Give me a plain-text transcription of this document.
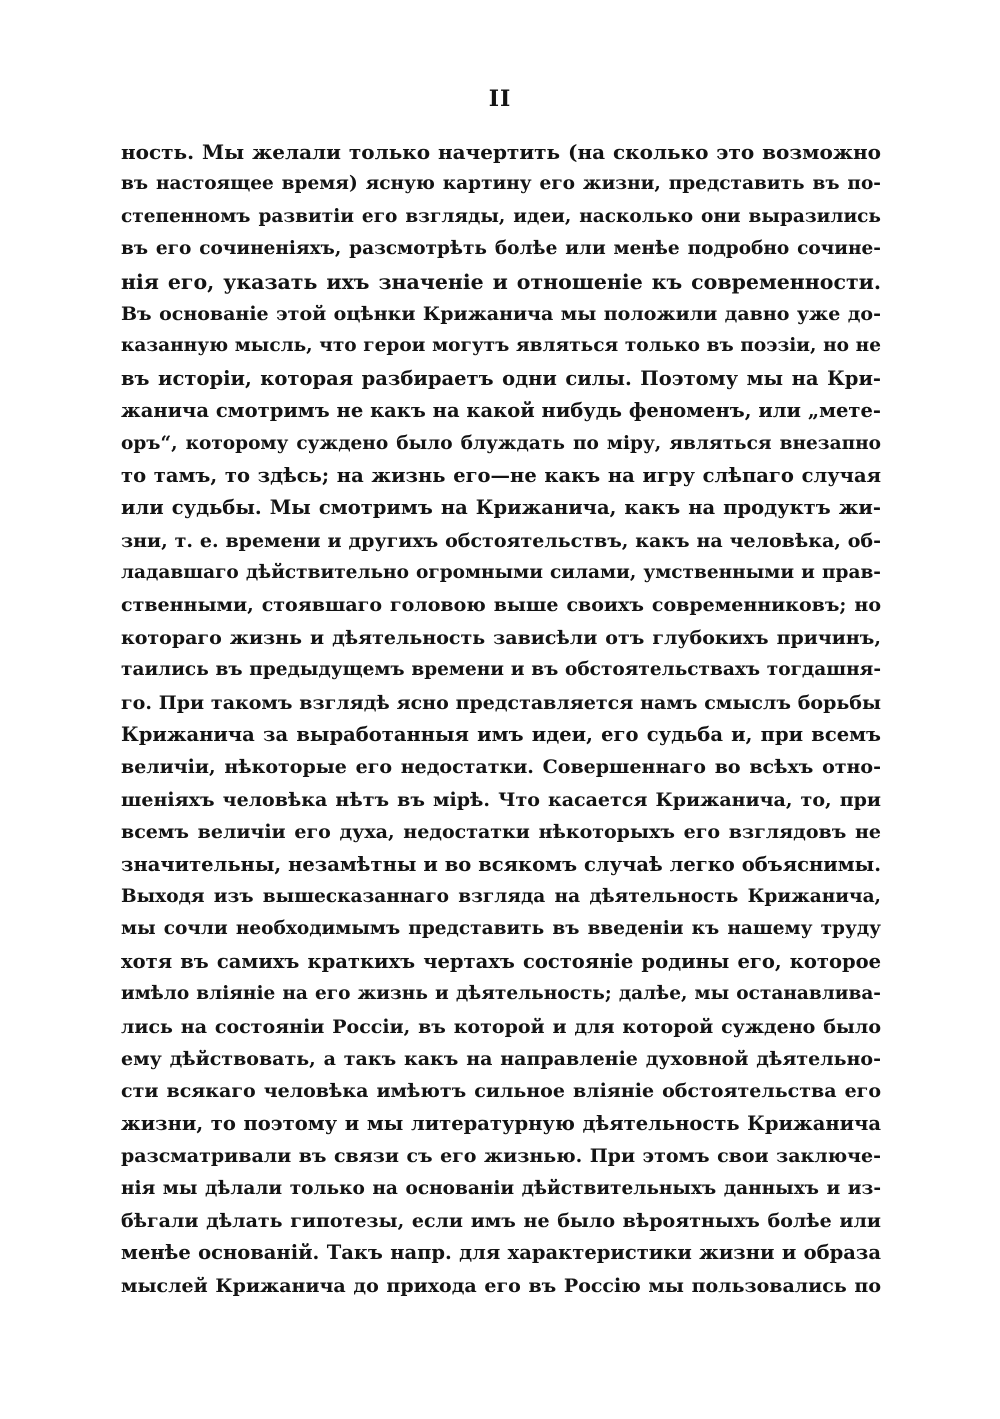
II
ность. Мы желали только начертить (на сколько это возможно
въ настоящее время) ясную картину его жизни, представить въ по-
степенномъ развитіи его взгляды, идеи, насколько они выразились
въ его сочиненіяхъ, разсмотрѣть болѣе или менѣе подробно сочине-
нія его, указать ихъ значеніе и отношеніе къ современности.
Въ основаніе этой оцѣнки Крижанича мы положили давно уже до-
казанную мысль, что герои могутъ являться только въ поэзіи, но не
въ исторіи, которая разбираетъ одни силы. Поэтому мы на Кри-
жанича смотримъ не какъ на какой нибудь феноменъ, или „мете-
оръ“, которому суждено было блуждать по міру, являться внезапно
то тамъ, то здѣсь; на жизнь его—не какъ на игру слѣпаго случая
или судьбы. Мы смотримъ на Крижанича, какъ на продуктъ жи-
зни, т. е. времени и другихъ обстоятельствъ, какъ на человѣка, об-
ладавшаго дѣйствительно огромными силами, умственными и прав-
ственными, стоявшаго головою выше своихъ современниковъ; но
котораго жизнь и дѣятельность зависѣли отъ глубокихъ причинъ,
таились въ предыдущемъ времени и въ обстоятельствахъ тогдашня-
го. При такомъ взглядѣ ясно представляется намъ смыслъ борьбы
Крижанича за выработанныя имъ идеи, его судьба и, при всемъ
величіи, нѣкоторые его недостатки. Совершеннаго во всѣхъ отно-
шеніяхъ человѣка нѣтъ въ мірѣ. Что касается Крижанича, то, при
всемъ величіи его духа, недостатки нѣкоторыхъ его взглядовъ не
значительны, незамѣтны и во всякомъ случаѣ легко объяснимы.
Выходя изъ вышесказаннаго взгляда на дѣятельность Крижанича,
мы сочли необходимымъ представить въ введеніи къ нашему труду
хотя въ самихъ краткихъ чертахъ состояніе родины его, которое
имѣло вліяніе на его жизнь и дѣятельность; далѣе, мы останавлива-
лись на состояніи Россіи, въ которой и для которой суждено было
ему дѣйствовать, а такъ какъ на направленіе духовной дѣятельно-
сти всякаго человѣка имѣютъ сильное вліяніе обстоятельства его
жизни, то поэтому и мы литературную дѣятельность Крижанича
разсматривали въ связи съ его жизнью. При этомъ свои заключе-
нія мы дѣлали только на основаніи дѣйствительныхъ данныхъ и из-
бѣгали дѣлать гипотезы, если имъ не было вѣроятныхъ болѣе или
менѣе основаній. Такъ напр. для характеристики жизни и образа
мыслей Крижанича до прихода его въ Россію мы пользовались по
